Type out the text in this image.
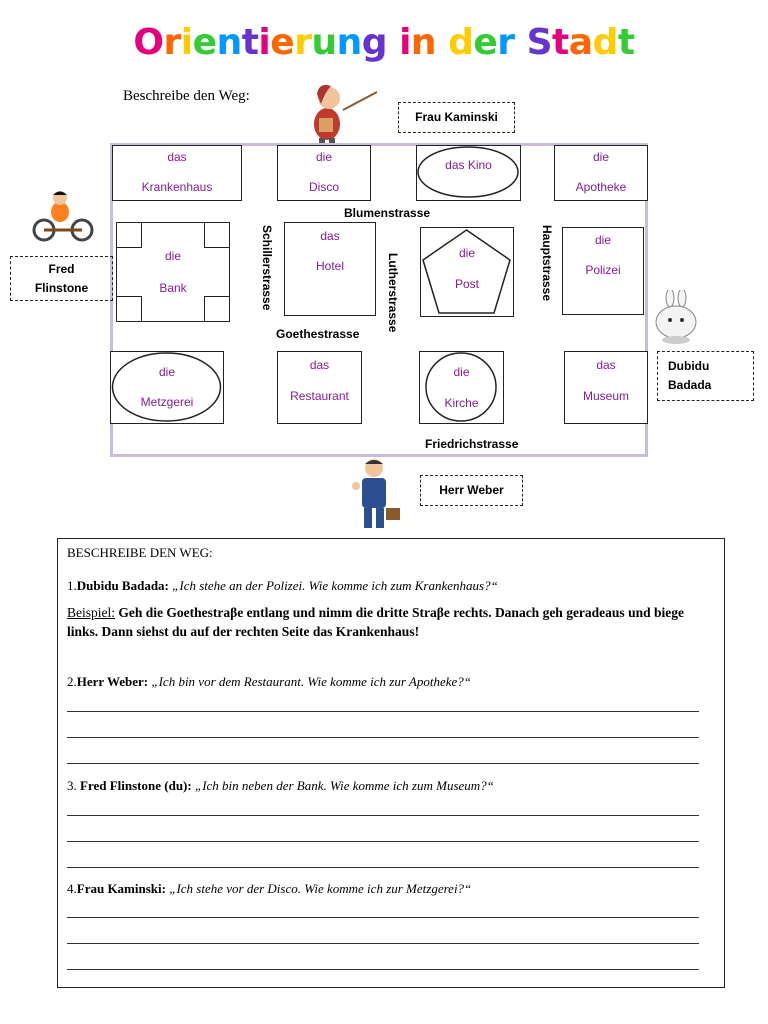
Orientierung in der Stadt
Beschreibe den Weg:
Frau Kaminski
das
Krankenhaus
die
Disco
das Kino
die
Apotheke
die
Bank
das
Hotel
die
Post
die
Polizei
die
Metzgerei
das
Restaurant
die
Kirche
das
Museum
Blumenstrasse
Goethestrasse
Friedrichstrasse
Schillerstrasse	Lutherstrasse	Hauptstrasse
Fred
Flinstone
Dubidu
Badada
Herr Weber
BESCHREIBE DEN WEG:
1.Dubidu Badada: „Ich stehe an der Polizei. Wie komme ich zum Krankenhaus?“
Beispiel: Geh die Goethestraβe entlang und nimm die dritte Straβe rechts. Danach geh geradeaus und biege links. Dann siehst du auf der rechten Seite das Krankenhaus!
2.Herr Weber: „Ich bin vor dem Restaurant. Wie komme ich zur Apotheke?“
3. Fred Flinstone (du): „Ich bin neben der Bank. Wie komme ich zum Museum?“
4.Frau Kaminski: „Ich stehe vor der Disco. Wie komme ich zur Metzgerei?“
